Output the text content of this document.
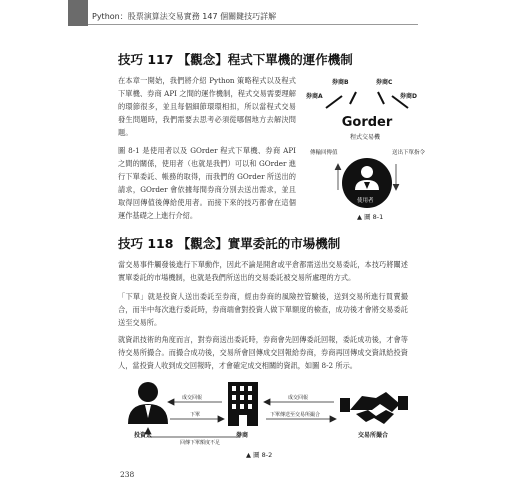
Python：股票演算法交易實務 147 個關鍵技巧詳解
技巧 117 【觀念】程式下單機的運作機制

在本章一開始，我們將介紹 Python 策略程式以及程式下單機、券商 API 之間的運作機制，程式交易需要理解的環節很多，並且每個細節環環相扣，所以當程式交易發生問題時，我們需要去思考必須從哪個地方去解決問題。

圖 8-1 是使用者以及 GOrder 程式下單機、券商 API 之間的關係，使用者（也就是我們）可以和 GOrder 進行下單委託、帳務的取得，而我們的 GOrder 所送出的請求，GOrder 會依據每間券商分別去送出需求，並且取得回傳值後傳給使用者。而接下來的技巧都會在這個運作基礎之上進行介紹。

券商A
券商B	券商C
券商D
Gorder
程式交易機
傳輸回傳值	送出下單指令
使用者
▲ 圖 8-1
技巧 118 【觀念】實單委託的市場機制

當交易事件觸發後進行下單動作，因此不論是開倉或平倉都需送出交易委託，本技巧將闡述實單委託的市場機制，也就是我們所送出的交易委託被交易所處理的方式。

「下單」就是投資人送出委託至券商，經由券商的風險控管驗後，送到交易所進行買賣撮合，而半中每次進行委託時，券商端會對投資人做下單額度的檢查，成功後才會將交易委託送至交易所。

就資訊技術的角度而言，對券商送出委託時，券商會先回傳委託回報，委託成功後，才會等待交易所撮合。而撮合成功後，交易所會回傳成交回報給券商，券商再回傳成交資訊給投資人，當投資人收到成交回報時，才會確定成交相關的資訊，如圖 8-2 所示。

投資人	券商	交易所撮合
成交回報
下單
回傳下單額度不足
成交回報
下單傳送至交易所撮合
▲ 圖 8-2
238
